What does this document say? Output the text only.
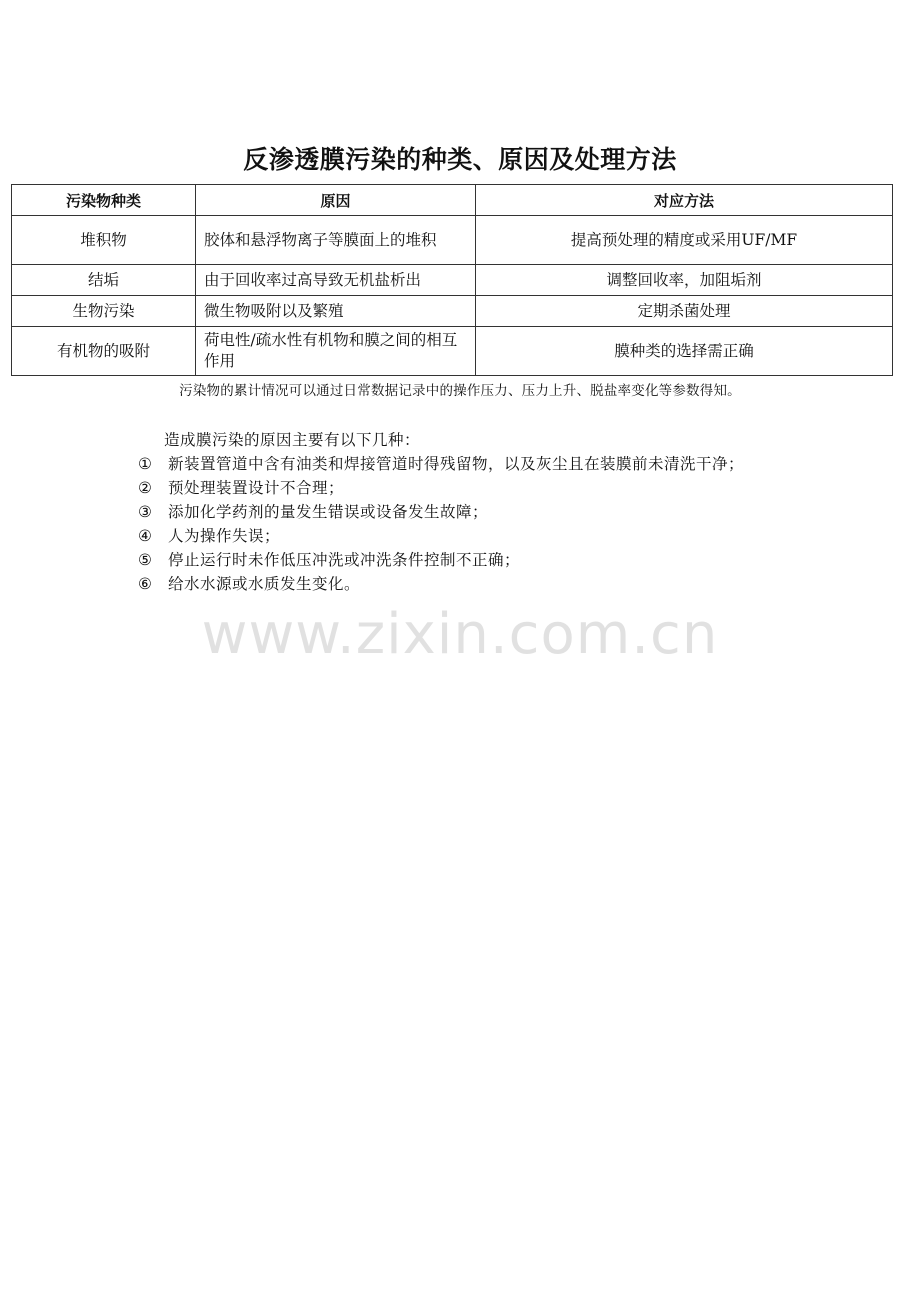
反渗透膜污染的种类、原因及处理方法
污染物种类	原因	对应方法
堆积物	胶体和悬浮物离子等膜面上的堆积	提高预处理的精度或采用UF/MF
结垢	由于回收率过高导致无机盐析出	调整回收率，加阻垢剂
生物污染	微生物吸附以及繁殖	定期杀菌处理
有机物的吸附	荷电性/疏水性有机物和膜之间的相互作用	膜种类的选择需正确
污染物的累计情况可以通过日常数据记录中的操作压力、压力上升、脱盐率变化等参数得知。
造成膜污染的原因主要有以下几种：
①	新装置管道中含有油类和焊接管道时得残留物，以及灰尘且在装膜前未清洗干净；
②	预处理装置设计不合理；
③	添加化学药剂的量发生错误或设备发生故障；
④	人为操作失误；
⑤	停止运行时未作低压冲洗或冲洗条件控制不正确；
⑥	给水水源或水质发生变化。
www.zixin.com.cn
